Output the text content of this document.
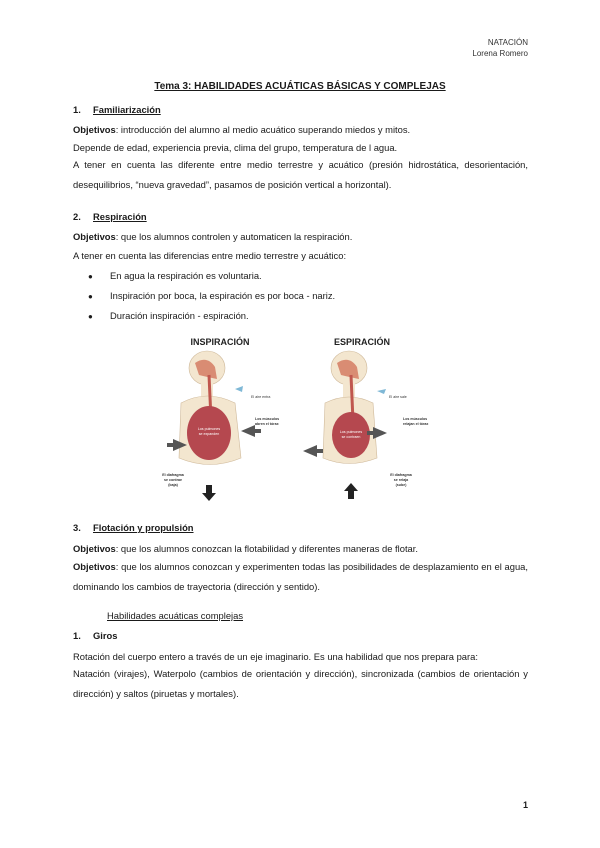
NATACIÓN
Lorena Romero
Tema 3: HABILIDADES ACUÁTICAS BÁSICAS Y COMPLEJAS
1. Familiarización
Objetivos: introducción del alumno al medio acuático superando miedos y mitos.
Depende de edad, experiencia previa, clima del grupo, temperatura de l agua.
A tener en cuenta las diferente entre medio terrestre y acuático (presión hidrostática, desorientación, desequilibrios, “nueva gravedad”, pasamos de posición vertical a horizontal).
2. Respiración
Objetivos: que los alumnos controlen y automaticen la respiración.
A tener en cuenta las diferencias entre medio terrestre y acuático:
● En agua la respiración es voluntaria.
● Inspiración por boca, la espiración es por boca - nariz.
● Duración inspiración - espiración.
INSPIRACIÓN	ESPIRACIÓN
Los pulmones
se expanden
El aire entra
Los músculos
abren el tórax
El diafragma
se contrae
(baja)
Los pulmones
se contraen
El aire sale
Los músculos
relajan el tórax
El diafragma
se relaja
(sube)
3. Flotación y propulsión
Objetivos: que los alumnos conozcan la flotabilidad y diferentes maneras de flotar.
Objetivos: que los alumnos conozcan y experimenten todas las posibilidades de desplazamiento en el agua, dominando los cambios de trayectoria (dirección y sentido).
Habilidades acuáticas complejas
1. Giros
Rotación del cuerpo entero a través de un eje imaginario. Es una habilidad que nos prepara para:
Natación (virajes), Waterpolo (cambios de orientación y dirección), sincronizada (cambios de orientación y dirección) y saltos (piruetas y mortales).
1
